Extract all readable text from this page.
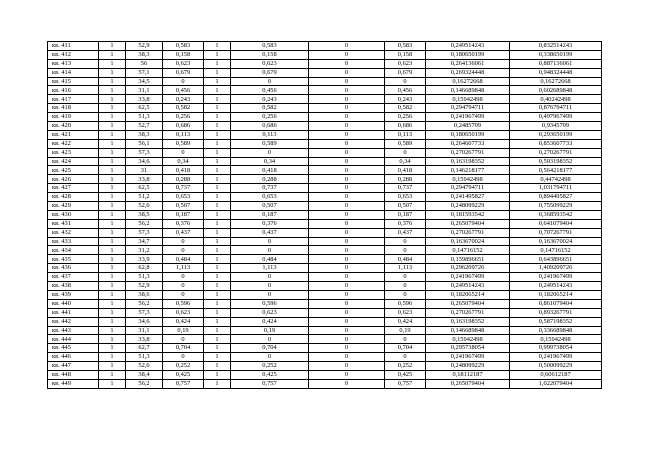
кв. 411	1	52,9	0,583	1	0,583	0	0,583	0,249514243	0,832514243
кв. 412	1	38,3	0,158	1	0,158	0	0,158	0,180650199	0,338650199
кв. 413	1	56	0,623	1	0,623	0	0,623	0,264136061	0,887136061
кв. 414	1	57,1	0,679	1	0,679	0	0,679	0,269324448	0,948324448
кв. 415	1	34,5	0	1	0	0	0	0,16272668	0,16272668
кв. 416	1	31,1	0,456	1	0,456	0	0,456	0,146689848	0,602689848
кв. 417	1	33,8	0,243	1	0,243	0	0,243	0,15942498	0,40242498
кв. 418	1	62,5	0,582	1	0,582	0	0,582	0,294794711	0,876794711
кв. 419	1	51,3	0,256	1	0,256	0	0,256	0,241967499	0,497967499
кв. 420	1	52,7	0,686	1	0,686	0	0,686	0,2485709	0,9345709
кв. 421	1	38,3	0,113	1	0,113	0	0,113	0,180650199	0,293650199
кв. 422	1	56,1	0,589	1	0,589	0	0,589	0,264607733	0,853607733
кв. 423	1	57,3	0	1	0	0	0	0,270267791	0,270267791
кв. 424	1	34,6	0,34	1	0,34	0	0,34	0,163198352	0,503198352
кв. 425	1	31	0,418	1	0,418	0	0,418	0,146218177	0,564218177
кв. 426	1	33,8	0,288	1	0,288	0	0,288	0,15942498	0,44742498
кв. 427	1	62,5	0,737	1	0,737	0	0,737	0,294794711	1,031794711
кв. 428	1	51,2	0,653	1	0,653	0	0,653	0,241495827	0,894495827
кв. 429	1	52,6	0,507	1	0,507	0	0,507	0,248099229	0,755099229
кв. 430	1	38,5	0,187	1	0,187	0	0,187	0,181593542	0,368593542
кв. 431	1	56,2	0,376	1	0,376	0	0,376	0,265079404	0,641079404
кв. 432	1	57,3	0,437	1	0,437	0	0,437	0,270267791	0,707267791
кв. 433	1	34,7	0	1	0	0	0	0,163670024	0,163670024
кв. 434	1	31,2	0	1	0	0	0	0,14716152	0,14716152
кв. 435	1	33,9	0,484	1	0,484	0	0,484	0,159896651	0,643896651
кв. 436	1	62,8	1,113	1	1,113	0	1,113	0,296209726	1,409209726
кв. 437	1	51,3	0	1	0	0	0	0,241967499	0,241967499
кв. 438	1	52,9	0	1	0	0	0	0,249514243	0,249514243
кв. 439	1	38,6	0	1	0	0	0	0,182065214	0,182065214
кв. 440	1	56,2	0,596	1	0,596	0	0,596	0,265079404	0,861079404
кв. 441	1	57,3	0,623	1	0,623	0	0,623	0,270267791	0,893267791
кв. 442	1	34,6	0,424	1	0,424	0	0,424	0,163198352	0,587198352
кв. 443	1	31,1	0,19	1	0,19	0	0,19	0,146689848	0,336689848
кв. 444	1	33,8	0	1	0	0	0	0,15942498	0,15942498
кв. 445	1	62,7	0,704	1	0,704	0	0,704	0,295738054	0,999738054
кв. 446	1	51,3	0	1	0	0	0	0,241967499	0,241967499
кв. 447	1	52,6	0,252	1	0,252	0	0,252	0,248099229	0,500099229
кв. 448	1	38,4	0,425	1	0,425	0	0,425	0,18112187	0,60612187
кв. 449	1	56,2	0,757	1	0,757	0	0,757	0,265079404	1,022079404
